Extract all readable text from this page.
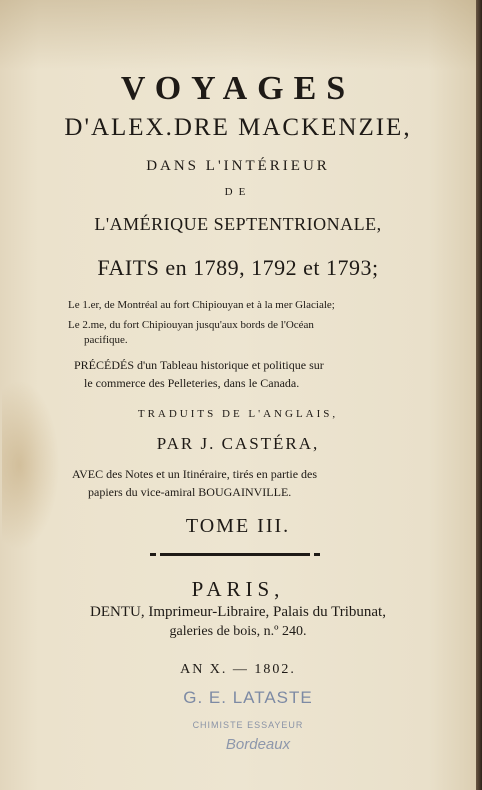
VOYAGES
D'ALEX.DRE MACKENZIE,
DANS L'INTÉRIEUR
DE
L'AMÉRIQUE SEPTENTRIONALE,
FAITS en 1789, 1792 et 1793;
Le 1.er, de Montréal au fort Chipiouyan et à la mer Glaciale;
Le 2.me, du fort Chipiouyan jusqu'aux bords de l'Océan
pacifique.
PRÉCÉDÉS d'un Tableau historique et politique sur
le commerce des Pelleteries, dans le Canada.
TRADUITS DE L'ANGLAIS,
PAR J. CASTÉRA,
AVEC des Notes et un Itinéraire, tirés en partie des
papiers du vice-amiral BOUGAINVILLE.
TOME III.
PARIS,
DENTU, Imprimeur-Libraire, Palais du Tribunat,
galeries de bois, n.º 240.
AN X. — 1802.
G. E. LATASTE
CHIMISTE ESSAYEUR
Bordeaux
